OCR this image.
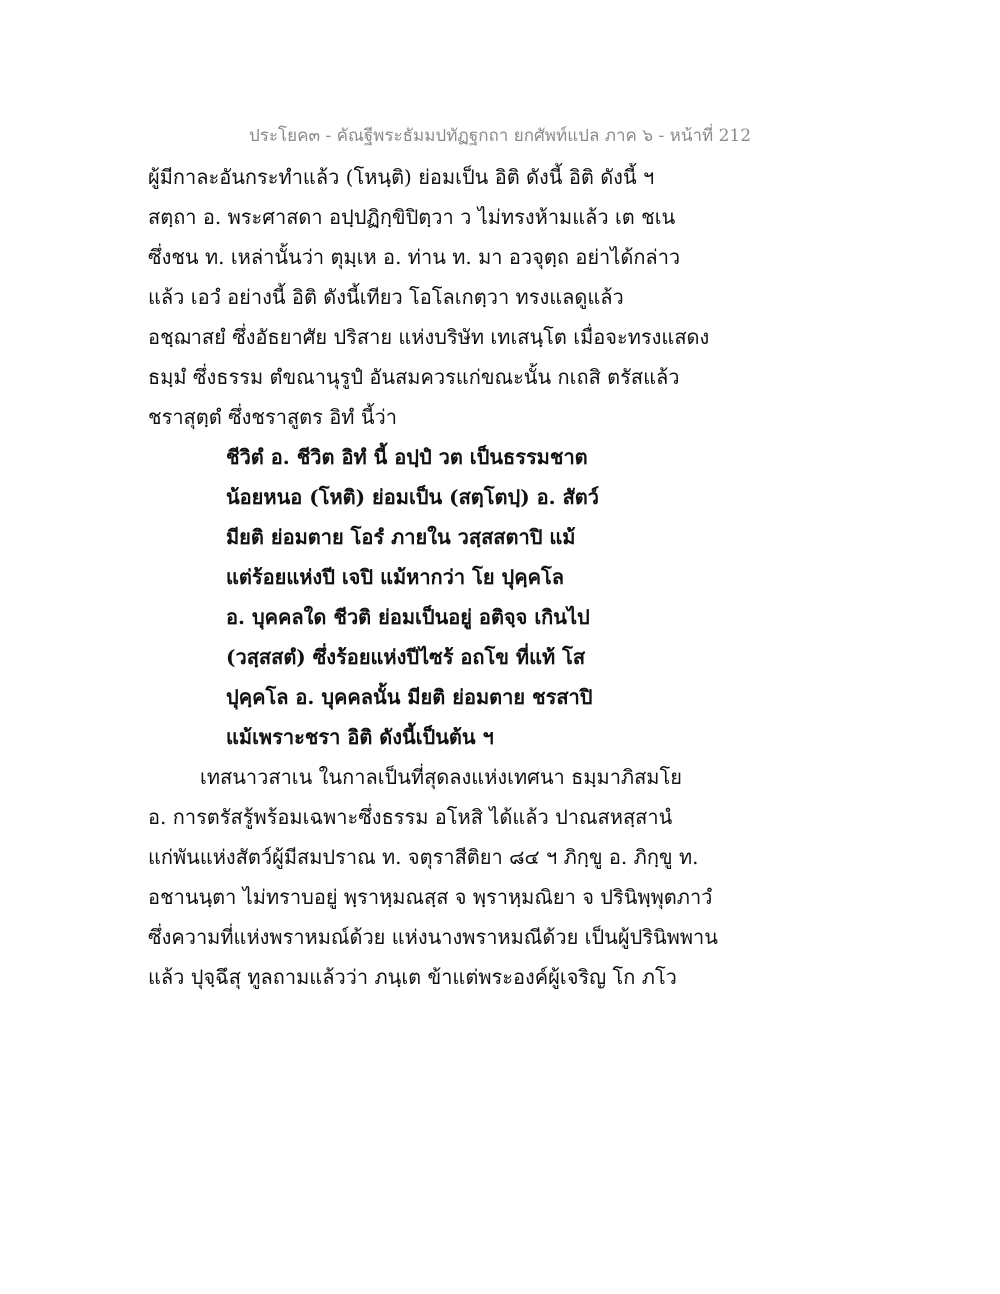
ประโยค๓ - คัณฐีพระธัมมปทัฏฐกถา ยกศัพท์แปล ภาค ๖ - หน้าที่ 212
ผู้มีกาละอันกระทำแล้ว (โหนฺติ) ย่อมเป็น อิติ ดังนี้ อิติ ดังนี้ ฯ
สตฺถา อ. พระศาสดา อปฺปฏิกฺขิปิตฺวา ว ไม่ทรงห้ามแล้ว เต ชเน
ซึ่งชน ท. เหล่านั้นว่า ตุมฺเห อ. ท่าน ท. มา อวจุตฺถ อย่าได้กล่าว
แล้ว เอวํ อย่างนี้ อิติ ดังนี้เทียว โอโลเกตฺวา ทรงแลดูแล้ว
อชฺฌาสยํ ซึ่งอัธยาศัย ปริสาย แห่งบริษัท เทเสนฺโต เมื่อจะทรงแสดง
ธมฺมํ ซึ่งธรรม ตํขณานุรูปํ อันสมควรแก่ขณะนั้น กเถสิ ตรัสแล้ว
ชราสุตฺตํ ซึ่งชราสูตร อิทํ นี้ว่า
ชีวิตํ อ. ชีวิต อิทํ นี้ อปฺปํ วต เป็นธรรมชาต
น้อยหนอ (โหติ) ย่อมเป็น (สตฺโตปฺ) อ. สัตว์
มียติ ย่อมตาย โอรํ ภายใน วสฺสสตาปิ แม้
แต่ร้อยแห่งปี เจปิ แม้หากว่า โย ปุคฺคโล
อ. บุคคลใด ชีวติ ย่อมเป็นอยู่ อติจฺจ เกินไป
(วสฺสสตํ) ซึ่งร้อยแห่งปีไซร้ อถโข ที่แท้ โส
ปุคฺคโล อ. บุคคลนั้น มียติ ย่อมตาย ชรสาปิ
แม้เพราะชรา อิติ ดังนี้เป็นต้น ฯ
เทสนาวสาเน ในกาลเป็นที่สุดลงแห่งเทศนา ธมฺมาภิสมโย
อ. การตรัสรู้พร้อมเฉพาะซึ่งธรรม อโหสิ ได้แล้ว ปาณสหสฺสานํ
แก่พันแห่งสัตว์ผู้มีสมปราณ ท. จตุราสีติยา ๘๔ ฯ ภิกฺขู อ. ภิกฺขู ท.
อชานนฺตา ไม่ทราบอยู่ พฺราหฺมณสฺส จ พฺราหฺมณิยา จ ปรินิพฺพุตภาวํ
ซึ่งความที่แห่งพราหมณ์ด้วย แห่งนางพราหมณีด้วย เป็นผู้ปรินิพพาน
แล้ว ปุจฺฉึสุ ทูลถามแล้วว่า ภนฺเต ข้าแต่พระองค์ผู้เจริญ โก ภโว
